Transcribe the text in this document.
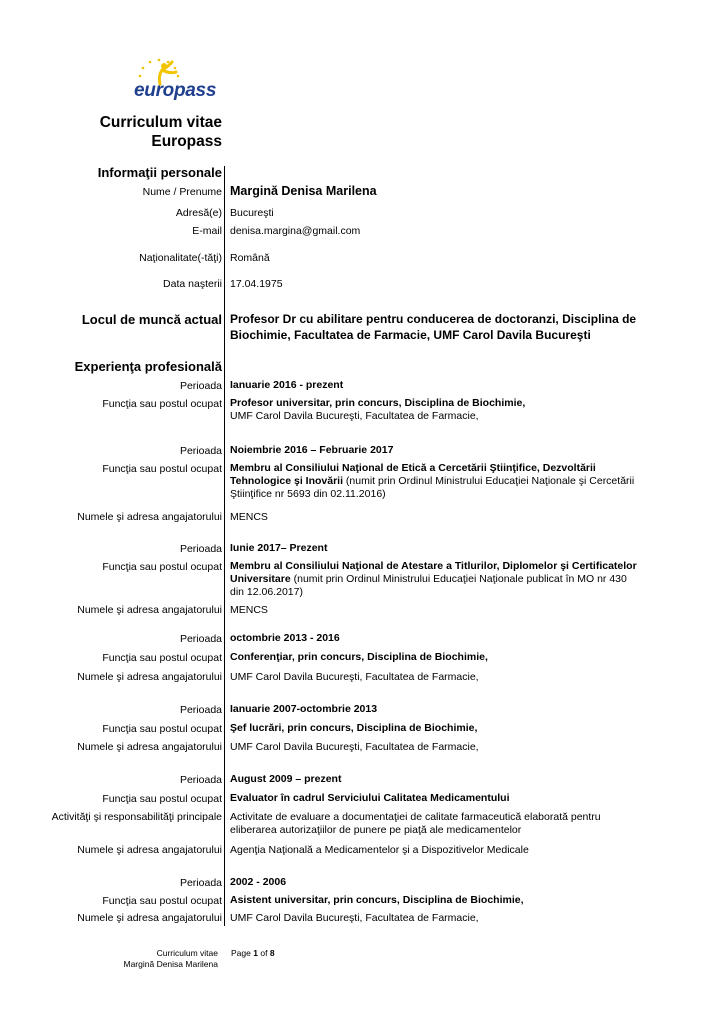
europass
Curriculum vitae
Europass
Informaţii personale
Nume / Prenume Margină Denisa Marilena
Adresă(e) Bucureşti
E-mail denisa.margina@gmail.com
Naţionalitate(-tăţi) Română
Data naşterii 17.04.1975
Locul de muncă actual Profesor Dr cu abilitare pentru conducerea de doctoranzi, Disciplina de Biochimie, Facultatea de Farmacie, UMF Carol Davila Bucureşti
Experienţa profesională
Perioada Ianuarie 2016 - prezent
Funcţia sau postul ocupat Profesor universitar, prin concurs, Disciplina de Biochimie,
UMF Carol Davila Bucureşti, Facultatea de Farmacie,
Perioada Noiembrie 2016 – Februarie 2017
Funcţia sau postul ocupat Membru al Consiliului Naţional de Etică a Cercetării Ştiinţifice, Dezvoltării Tehnologice şi Inovării (numit prin Ordinul Ministrului Educaţiei Naţionale şi Cercetării Ştiinţifice nr 5693 din 02.11.2016)
Numele şi adresa angajatorului MENCS
Perioada Iunie 2017– Prezent
Funcţia sau postul ocupat Membru al Consiliului Naţional de Atestare a Titlurilor, Diplomelor şi Certificatelor Universitare (numit prin Ordinul Ministrului Educaţiei Naţionale publicat în MO nr 430 din 12.06.2017)
Numele şi adresa angajatorului MENCS
Perioada octombrie 2013 - 2016
Funcţia sau postul ocupat Conferenţiar, prin concurs, Disciplina de Biochimie,
Numele şi adresa angajatorului UMF Carol Davila Bucureşti, Facultatea de Farmacie,
Perioada Ianuarie 2007-octombrie 2013
Funcţia sau postul ocupat Şef lucrări, prin concurs, Disciplina de Biochimie,
Numele şi adresa angajatorului UMF Carol Davila Bucureşti, Facultatea de Farmacie,
Perioada August 2009 – prezent
Funcţia sau postul ocupat Evaluator în cadrul Serviciului Calitatea Medicamentului
Activităţi şi responsabilităţi principale Activitate de evaluare a documentaţiei de calitate farmaceutică elaborată pentru eliberarea autorizaţiilor de punere pe piaţă ale medicamentelor
Numele şi adresa angajatorului Agenţia Naţională a Medicamentelor şi a Dispozitivelor Medicale
Perioada 2002 - 2006
Funcţia sau postul ocupat Asistent universitar, prin concurs, Disciplina de Biochimie,
Numele şi adresa angajatorului UMF Carol Davila Bucureşti, Facultatea de Farmacie,
Curriculum vitae
Margină Denisa Marilena
Page 1 of 8
